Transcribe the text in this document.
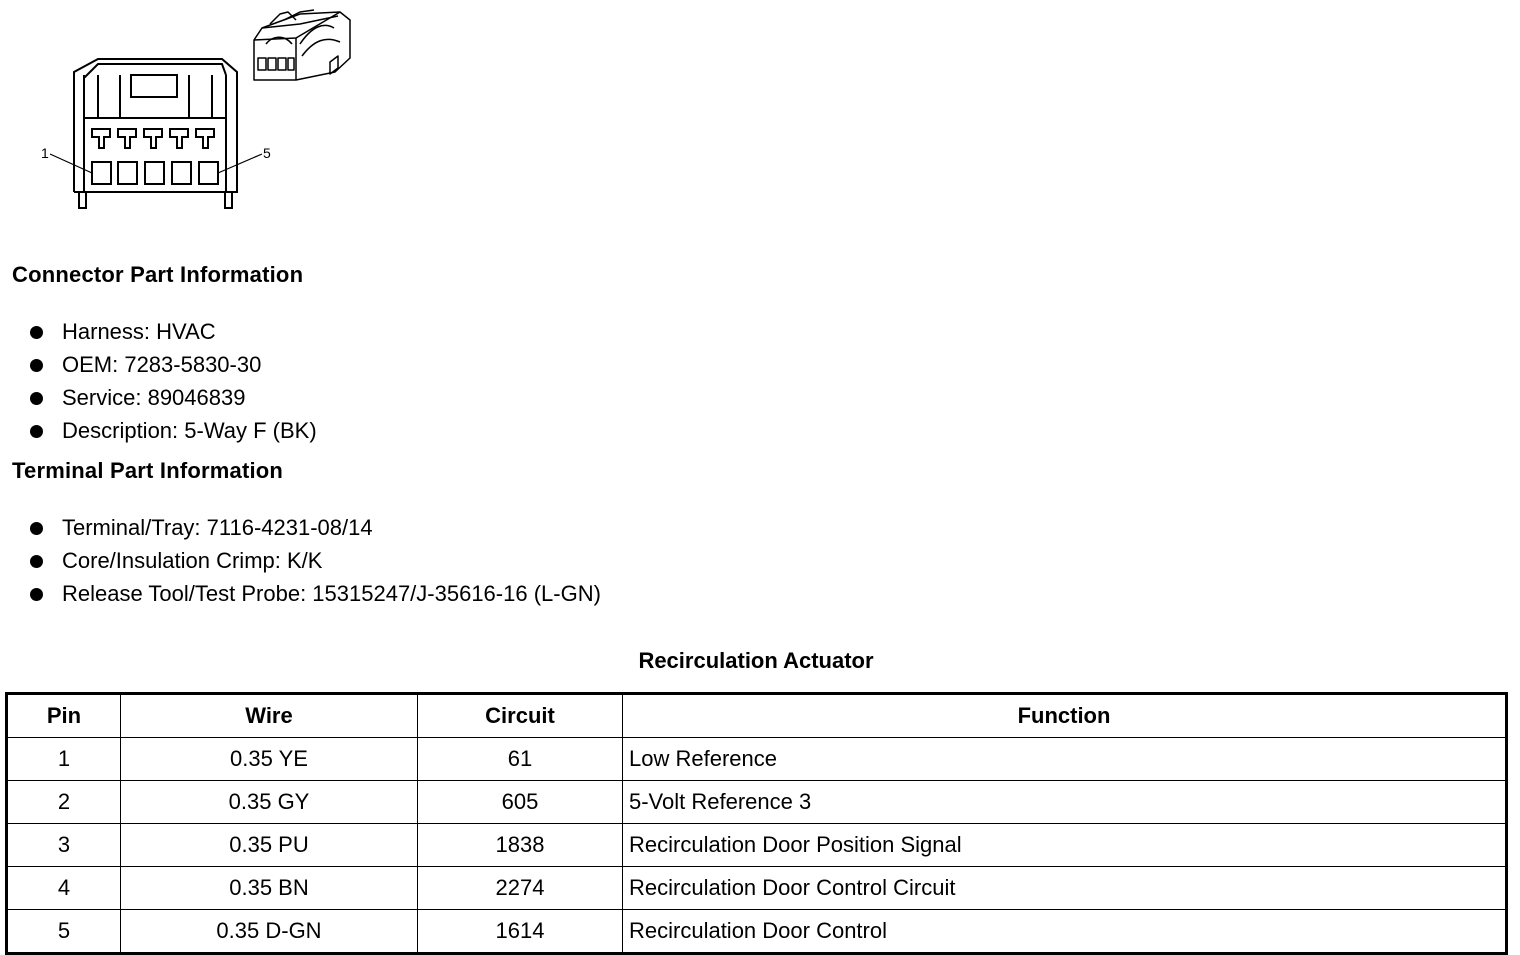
1	5
Connector Part Information
Harness: HVAC
OEM: 7283-5830-30
Service: 89046839
Description: 5-Way F (BK)
Terminal Part Information
Terminal/Tray: 7116-4231-08/14
Core/Insulation Crimp: K/K
Release Tool/Test Probe: 15315247/J-35616-16 (L-GN)
Recirculation Actuator
Pin	Wire	Circuit	Function
1	0.35 YE	61	Low Reference
2	0.35 GY	605	5-Volt Reference 3
3	0.35 PU	1838	Recirculation Door Position Signal
4	0.35 BN	2274	Recirculation Door Control Circuit
5	0.35 D-GN	1614	Recirculation Door Control
